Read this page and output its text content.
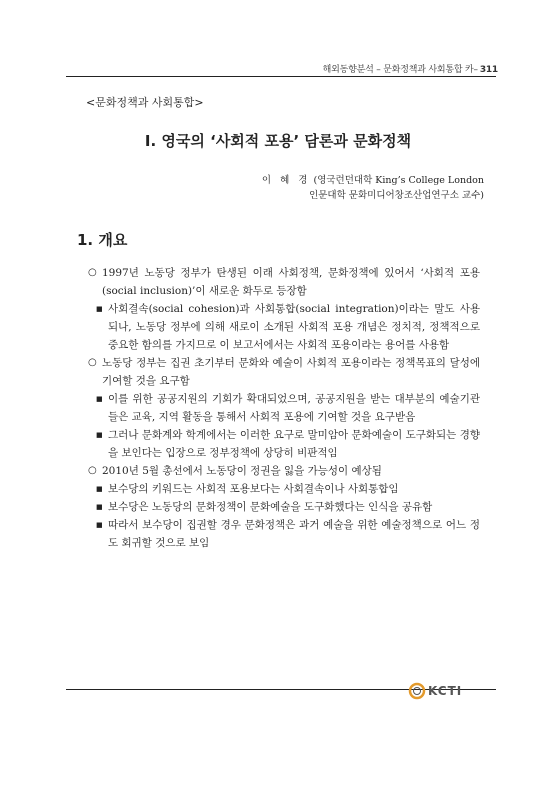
해외동향분석 – 문화정책과 사회통합 카– 311
<문화정책과 사회통합>
Ⅰ. 영국의 ‘사회적 포용’ 담론과 문화정책
이 혜 경 (영국런던대학 King’s College London
인문대학 문화미디어창조산업연구소 교수)
1. 개요
○ 1997년 노동당 정부가 탄생된 이래 사회정책, 문화정책에 있어서 ‘사회적 포용(social inclusion)’이 새로운 화두로 등장함
■ 사회결속(social cohesion)과 사회통합(social integration)이라는 말도 사용되나, 노동당 정부에 의해 새로이 소개된 사회적 포용 개념은 정치적, 정책적으로 중요한 함의를 가지므로 이 보고서에서는 사회적 포용이라는 용어를 사용함
○ 노동당 정부는 집권 초기부터 문화와 예술이 사회적 포용이라는 정책목표의 달성에 기여할 것을 요구함
■ 이를 위한 공공지원의 기회가 확대되었으며, 공공지원을 받는 대부분의 예술기관들은 교육, 지역 활동을 통해서 사회적 포용에 기여할 것을 요구받음
■ 그러나 문화계와 학계에서는 이러한 요구로 말미암아 문화예술이 도구화되는 경향을 보인다는 입장으로 정부정책에 상당히 비판적임
○ 2010년 5월 총선에서 노동당이 정권을 잃을 가능성이 예상됨
■ 보수당의 키워드는 사회적 포용보다는 사회결속이나 사회통합임
■ 보수당은 노동당의 문화정책이 문화예술을 도구화했다는 인식을 공유함
■ 따라서 보수당이 집권할 경우 문화정책은 과거 예술을 위한 예술정책으로 어느 정도 회귀할 것으로 보임
KCTI
